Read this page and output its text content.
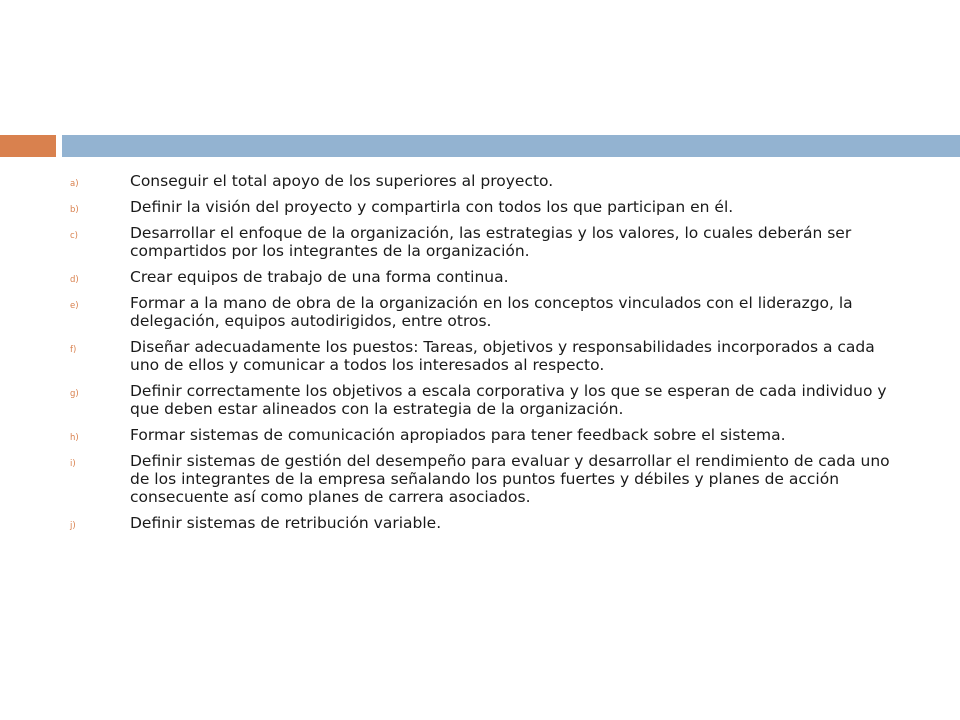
a)	Conseguir el total apoyo de los superiores al proyecto.
b)	Definir la visión del proyecto y compartirla con todos los que participan en él.
c)	Desarrollar el enfoque de la organización, las estrategias y los valores, lo cuales deberán ser compartidos por los integrantes de la organización.
d)	Crear equipos de trabajo de una forma continua.
e)	Formar a la mano de obra de la organización en los conceptos vinculados con el liderazgo, la delegación, equipos autodirigidos, entre otros.
f)	Diseñar adecuadamente los puestos: Tareas, objetivos y responsabilidades incorporados a cada uno de ellos y comunicar a todos los interesados al respecto.
g)	Definir correctamente los objetivos a escala corporativa y los que se esperan de cada individuo y que deben estar alineados con la estrategia de la organización.
h)	Formar sistemas de comunicación apropiados para tener feedback sobre el sistema.
i)	Definir sistemas de gestión del desempeño para evaluar y desarrollar el rendimiento de cada uno de los integrantes de la empresa señalando los puntos fuertes y débiles y planes de acción consecuente así como planes de carrera asociados.
j)	Definir sistemas de retribución variable.
